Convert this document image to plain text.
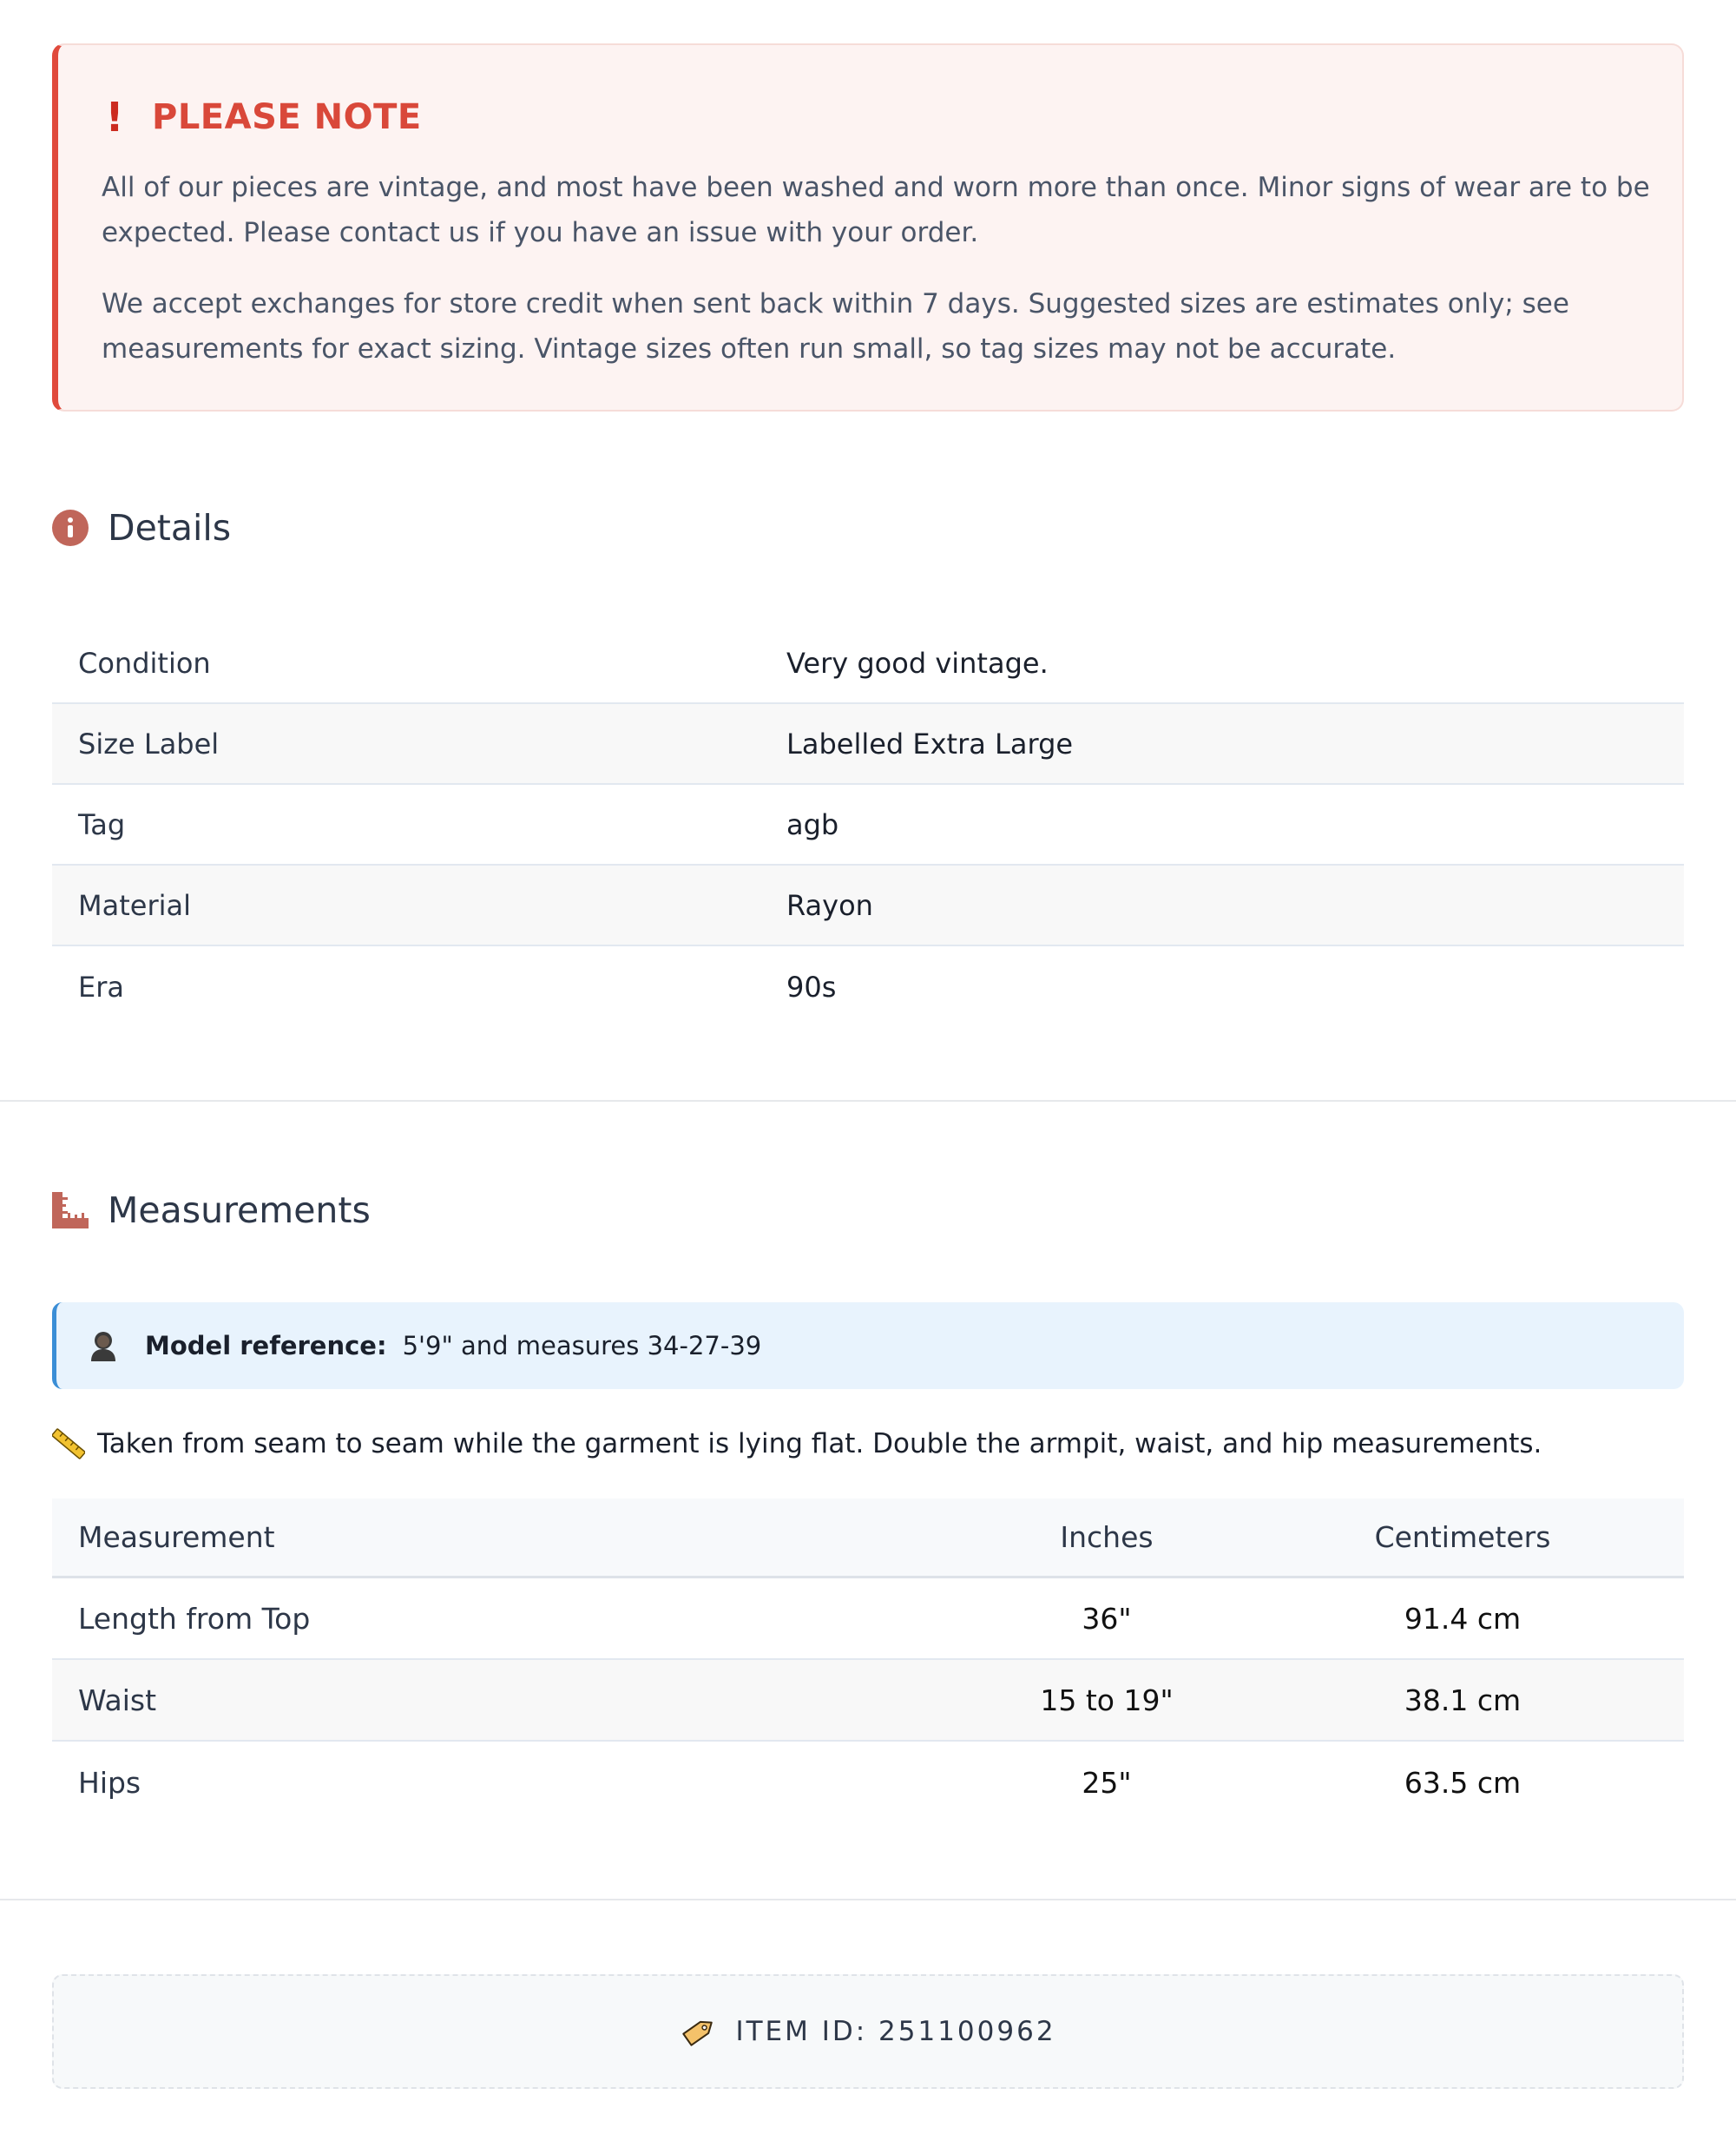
! PLEASE NOTE

All of our pieces are vintage, and most have been washed and worn more than once. Minor signs of wear are to be expected. Please contact us if you have an issue with your order.

We accept exchanges for store credit when sent back within 7 days. Suggested sizes are estimates only; see measurements for exact sizing. Vintage sizes often run small, so tag sizes may not be accurate.

Details
Condition	Very good vintage.
Size Label	Labelled Extra Large
Tag	agb
Material	Rayon
Era	90s
Measurements
Model reference: 5'9" and measures 34-27-39
Taken from seam to seam while the garment is lying flat. Double the armpit, waist, and hip measurements.
Measurement	Inches	Centimeters
Length from Top	36"	91.4 cm
Waist	15 to 19"	38.1 cm
Hips	25"	63.5 cm
ITEM ID: 251100962
